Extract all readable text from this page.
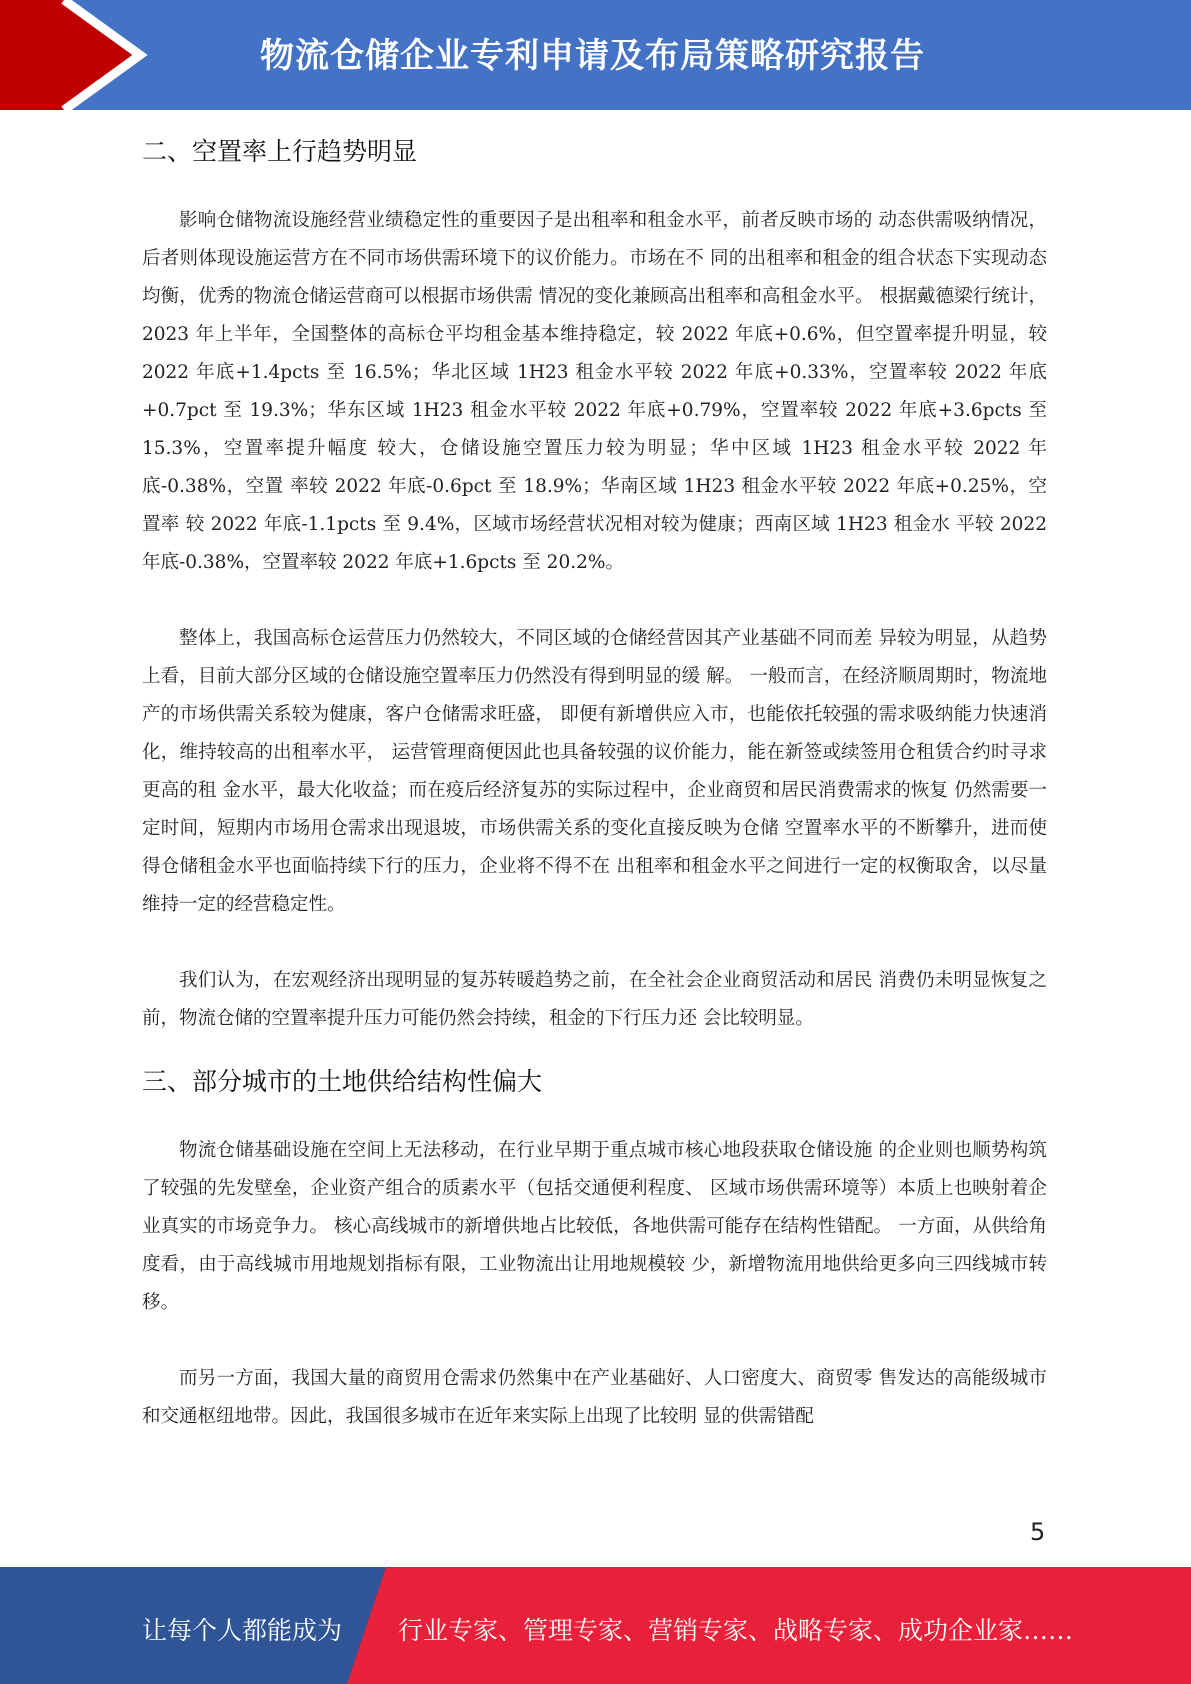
物流仓储企业专利申请及布局策略研究报告
二、空置率上行趋势明显

影响仓储物流设施经营业绩稳定性的重要因子是出租率和租金水平，前者反映市场的 动态供需吸纳情况，后者则体现设施运营方在不同市场供需环境下的议价能力。市场在不 同的出租率和租金的组合状态下实现动态均衡，优秀的物流仓储运营商可以根据市场供需 情况的变化兼顾高出租率和高租金水平。 根据戴德梁行统计，2023 年上半年，全国整体的高标仓平均租金基本维持稳定，较 2022 年底+0.6%，但空置率提升明显，较 2022 年底+1.4pcts 至 16.5%；华北区域 1H23 租金水平较 2022 年底+0.33%，空置率较 2022 年底+0.7pct 至 19.3%；华东区域 1H23 租金水平较 2022 年底+0.79%，空置率较 2022 年底+3.6pcts 至 15.3%，空置率提升幅度 较大，仓储设施空置压力较为明显；华中区域 1H23 租金水平较 2022 年底-0.38%，空置 率较 2022 年底-0.6pct 至 18.9%；华南区域 1H23 租金水平较 2022 年底+0.25%，空置率 较 2022 年底-1.1pcts 至 9.4%，区域市场经营状况相对较为健康；西南区域 1H23 租金水 平较 2022 年底-0.38%，空置率较 2022 年底+1.6pcts 至 20.2%。

整体上，我国高标仓运营压力仍然较大，不同区域的仓储经营因其产业基础不同而差 异较为明显，从趋势上看，目前大部分区域的仓储设施空置率压力仍然没有得到明显的缓 解。 一般而言，在经济顺周期时，物流地产的市场供需关系较为健康，客户仓储需求旺盛， 即便有新增供应入市，也能依托较强的需求吸纳能力快速消化，维持较高的出租率水平， 运营管理商便因此也具备较强的议价能力，能在新签或续签用仓租赁合约时寻求更高的租 金水平，最大化收益；而在疫后经济复苏的实际过程中，企业商贸和居民消费需求的恢复 仍然需要一定时间，短期内市场用仓需求出现退坡，市场供需关系的变化直接反映为仓储 空置率水平的不断攀升，进而使得仓储租金水平也面临持续下行的压力，企业将不得不在 出租率和租金水平之间进行一定的权衡取舍，以尽量维持一定的经营稳定性。

我们认为，在宏观经济出现明显的复苏转暖趋势之前，在全社会企业商贸活动和居民 消费仍未明显恢复之前，物流仓储的空置率提升压力可能仍然会持续，租金的下行压力还 会比较明显。

三、部分城市的土地供给结构性偏大

物流仓储基础设施在空间上无法移动，在行业早期于重点城市核心地段获取仓储设施 的企业则也顺势构筑了较强的先发壁垒，企业资产组合的质素水平（包括交通便利程度、 区域市场供需环境等）本质上也映射着企业真实的市场竞争力。 核心高线城市的新增供地占比较低，各地供需可能存在结构性错配。 一方面，从供给角度看，由于高线城市用地规划指标有限，工业物流出让用地规模较 少，新增物流用地供给更多向三四线城市转移。

而另一方面，我国大量的商贸用仓需求仍然集中在产业基础好、人口密度大、商贸零 售发达的高能级城市和交通枢纽地带。因此，我国很多城市在近年来实际上出现了比较明 显的供需错配

5
让每个人都能成为 行业专家、管理专家、营销专家、战略专家、成功企业家……
